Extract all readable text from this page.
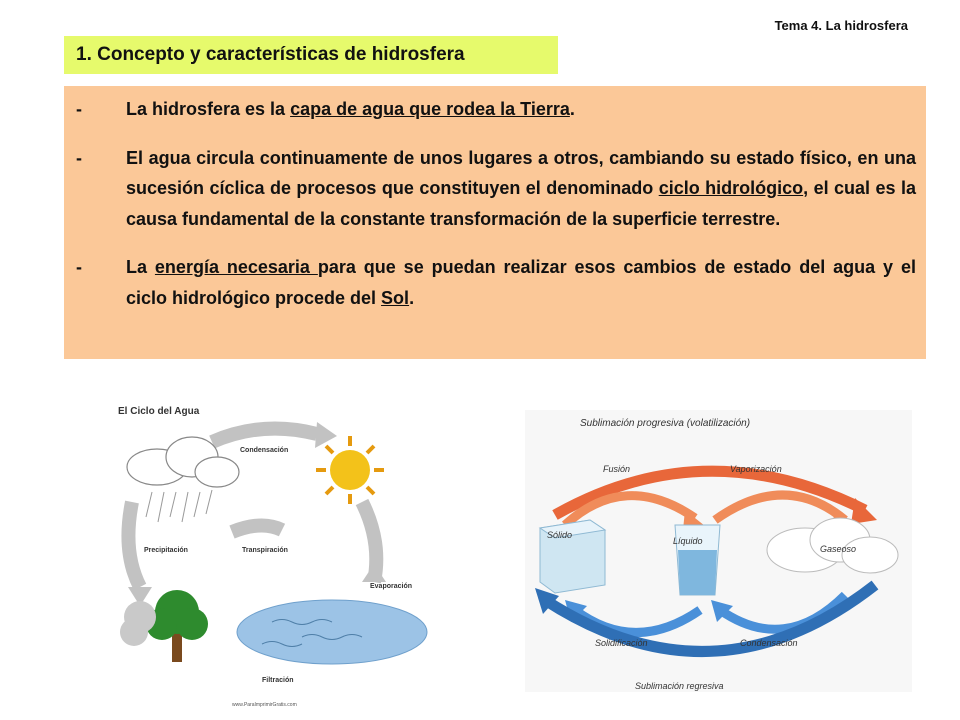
Tema 4. La hidrosfera
1. Concepto y características de hidrosfera
-	La hidrosfera es la capa de agua que rodea la Tierra.
-	El agua circula continuamente de unos lugares a otros, cambiando su estado físico, en una sucesión cíclica de procesos que constituyen el denominado ciclo hidrológico, el cual es la causa fundamental de la constante transformación de la superficie terrestre.
-	La energía necesaria para que se puedan realizar esos cambios de estado del agua y el ciclo hidrológico procede del Sol.
El Ciclo del Agua
Condensación
Precipitación	Transpiración
Evaporación
Filtración
www.ParaImprimirGratis.com
Sublimación progresiva (volatilización)
Fusión	Vaporización
Sólido
Líquido
Gaseoso
Solidificación	Condensación
Sublimación regresiva
